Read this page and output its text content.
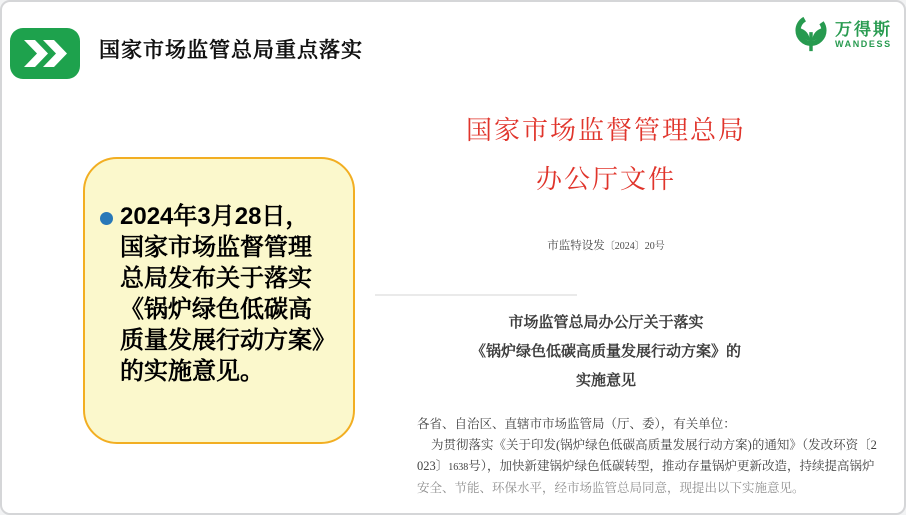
国家市场监管总局重点落实
万得斯
WANDESS
2024年3月28日，
国家市场监督管理
总局发布关于落实
《锅炉绿色低碳高
质量发展行动方案》
的实施意见。
国家市场监督管理总局
办公厅文件
市监特设发〔2024〕20号
市场监管总局办公厅关于落实
《锅炉绿色低碳高质量发展行动方案》的
实施意见
各省、自治区、直辖市市场监管局（厅、委），有关单位：
为贯彻落实《关于印发(锅炉绿色低碳高质量发展行动方案)的通知》（发改环资〔2
023〕1638号），加快新建锅炉绿色低碳转型，推动存量锅炉更新改造，持续提高锅炉
安全、节能、环保水平，经市场监管总局同意，现提出以下实施意见。
